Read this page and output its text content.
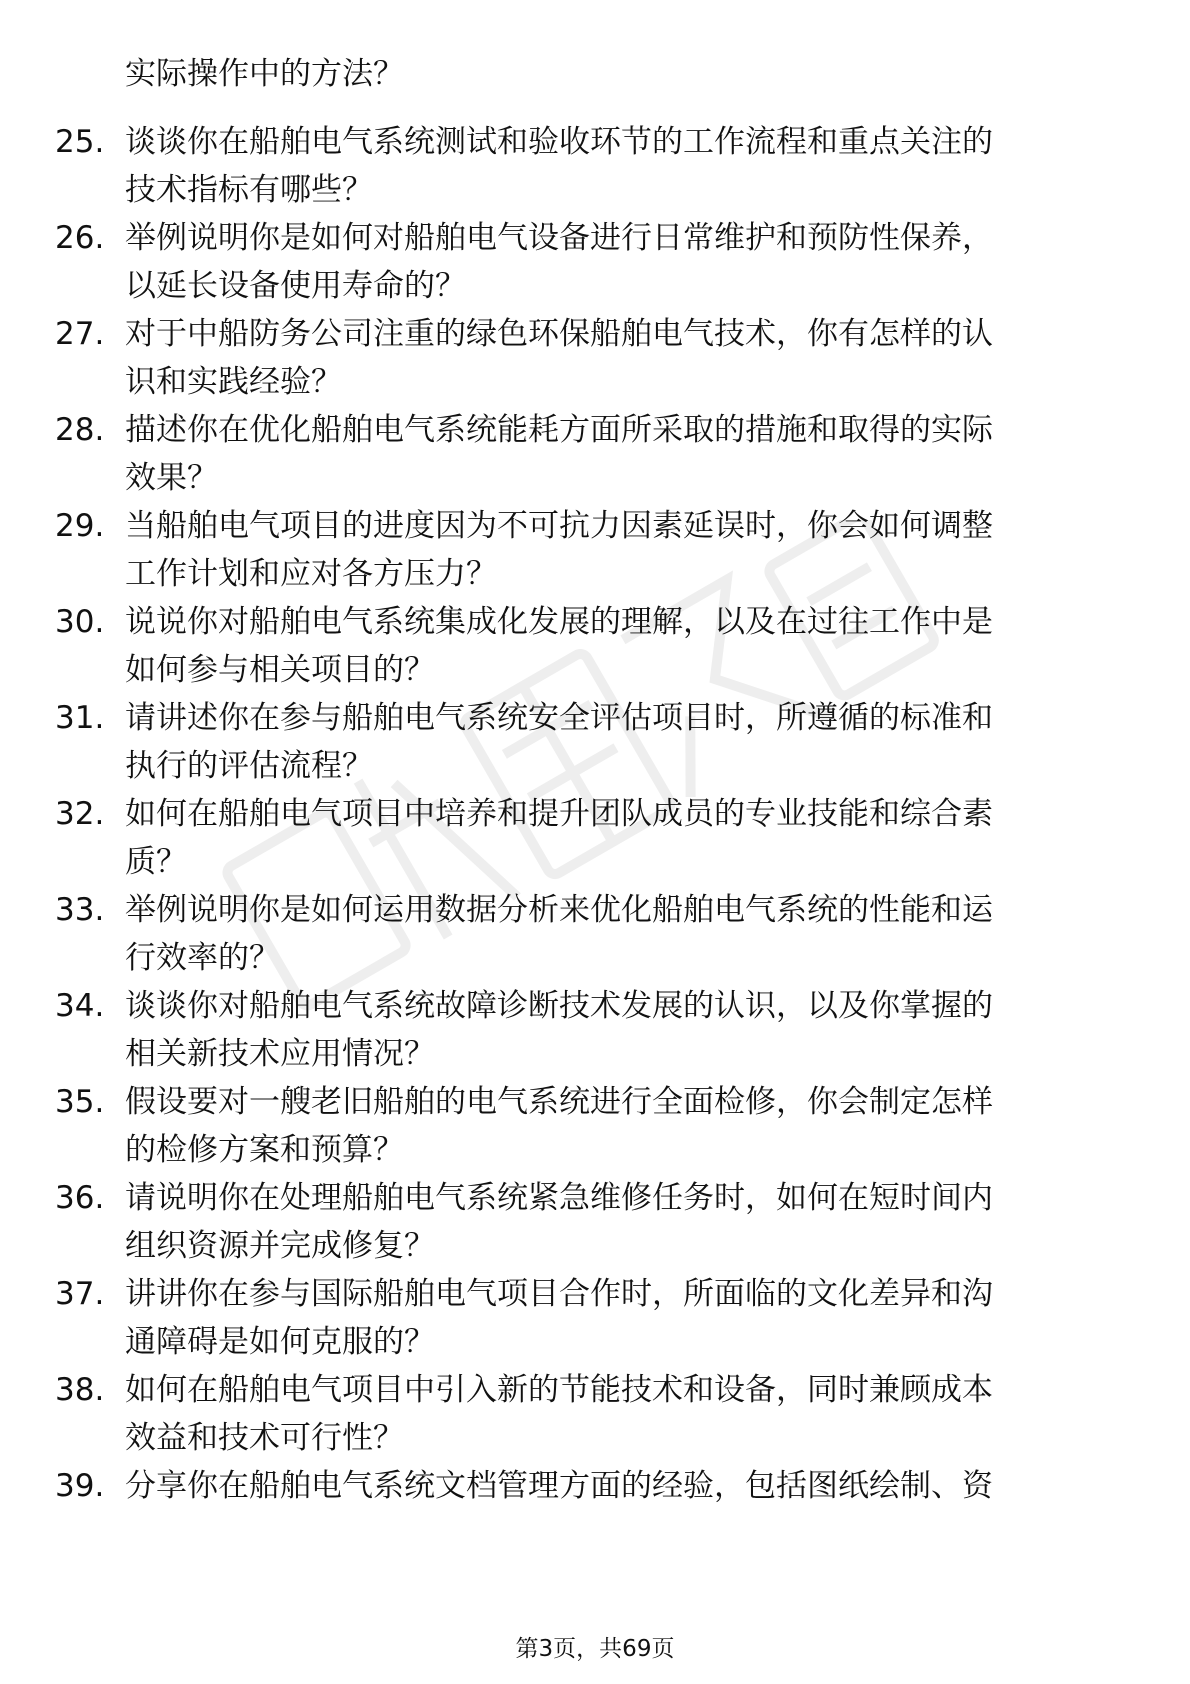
实际操作中的方法？
25. 谈谈你在船舶电气系统测试和验收环节的工作流程和重点关注的
技术指标有哪些？
26. 举例说明你是如何对船舶电气设备进行日常维护和预防性保养，
以延长设备使用寿命的？
27. 对于中船防务公司注重的绿色环保船舶电气技术，你有怎样的认
识和实践经验？
28. 描述你在优化船舶电气系统能耗方面所采取的措施和取得的实际
效果？
29. 当船舶电气项目的进度因为不可抗力因素延误时，你会如何调整
工作计划和应对各方压力？
30. 说说你对船舶电气系统集成化发展的理解，以及在过往工作中是
如何参与相关项目的？
31. 请讲述你在参与船舶电气系统安全评估项目时，所遵循的标准和
执行的评估流程？
32. 如何在船舶电气项目中培养和提升团队成员的专业技能和综合素
质？
33. 举例说明你是如何运用数据分析来优化船舶电气系统的性能和运
行效率的？
34. 谈谈你对船舶电气系统故障诊断技术发展的认识，以及你掌握的
相关新技术应用情况？
35. 假设要对一艘老旧船舶的电气系统进行全面检修，你会制定怎样
的检修方案和预算？
36. 请说明你在处理船舶电气系统紧急维修任务时，如何在短时间内
组织资源并完成修复？
37. 讲讲你在参与国际船舶电气项目合作时，所面临的文化差异和沟
通障碍是如何克服的？
38. 如何在船舶电气项目中引入新的节能技术和设备，同时兼顾成本
效益和技术可行性？
39. 分享你在船舶电气系统文档管理方面的经验，包括图纸绘制、资
第3页，共69页
